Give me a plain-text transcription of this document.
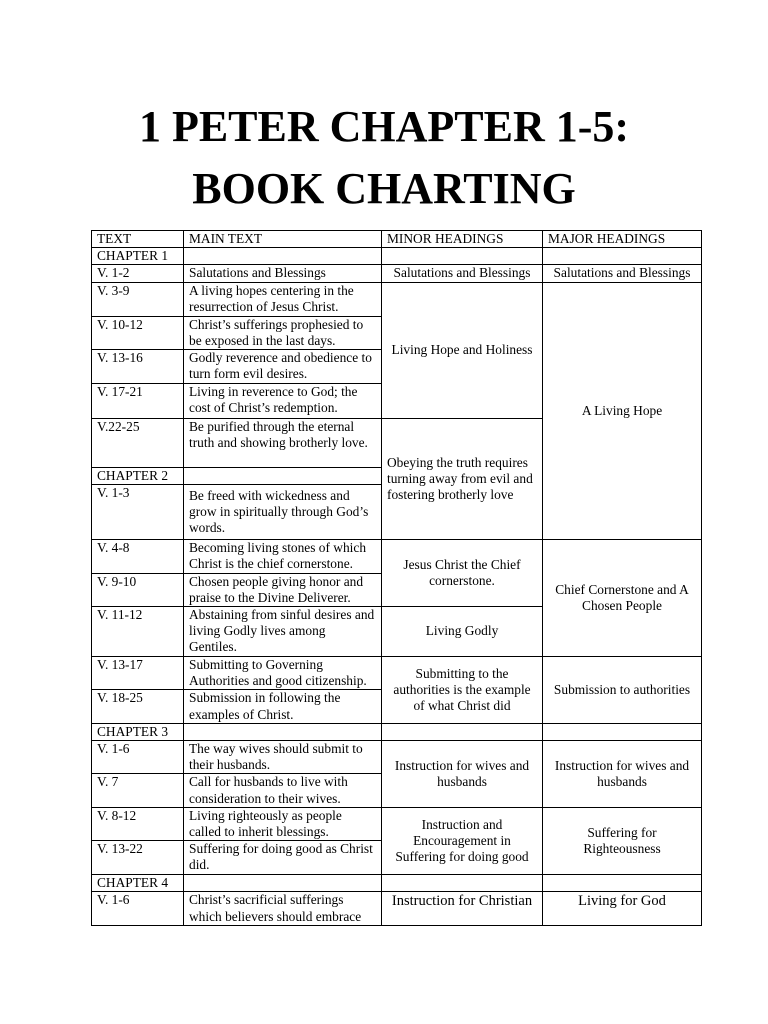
1 PETER CHAPTER 1-5:
BOOK CHARTING
TEXT	MAIN TEXT	MINOR HEADINGS	MAJOR HEADINGS
CHAPTER 1			
V. 1-2	Salutations and Blessings	Salutations and Blessings	Salutations and Blessings
V. 3-9	A living hopes centering in the resurrection of Jesus Christ.	Living Hope and Holiness	A Living Hope
V. 10-12	Christ’s sufferings prophesied to be exposed in the last days.		
V. 13-16	Godly reverence and obedience to turn form evil desires.		
V. 17-21	Living in reverence to God; the cost of Christ’s redemption.		
V.22-25	Be purified through the eternal truth and showing brotherly love.	Obeying the truth requires turning away from evil and fostering brotherly love	
CHAPTER 2			
V. 1-3	Be freed with wickedness and grow in spiritually through God’s words.		
V. 4-8	Becoming living stones of which Christ is the chief cornerstone.	Jesus Christ the Chief cornerstone.	Chief Cornerstone and A Chosen People
V. 9-10	Chosen people giving honor and praise to the Divine Deliverer.		
V. 11-12	Abstaining from sinful desires and living Godly lives among Gentiles.	Living Godly	
V. 13-17	Submitting to Governing Authorities and good citizenship.	Submitting to the authorities is the example of what Christ did	Submission to authorities
V. 18-25	Submission in following the examples of Christ.		
CHAPTER 3			
V. 1-6	The way wives should submit to their husbands.	Instruction for wives and husbands	Instruction for wives and husbands
V. 7	Call for husbands to live with consideration to their wives.		
V. 8-12	Living righteously as people called to inherit blessings.	Instruction and Encouragement in Suffering for doing good	Suffering for Righteousness
V. 13-22	Suffering for doing good as Christ did.		
CHAPTER 4			
V. 1-6	Christ’s sacrificial sufferings which believers should embrace	Instruction for Christian	Living for God
